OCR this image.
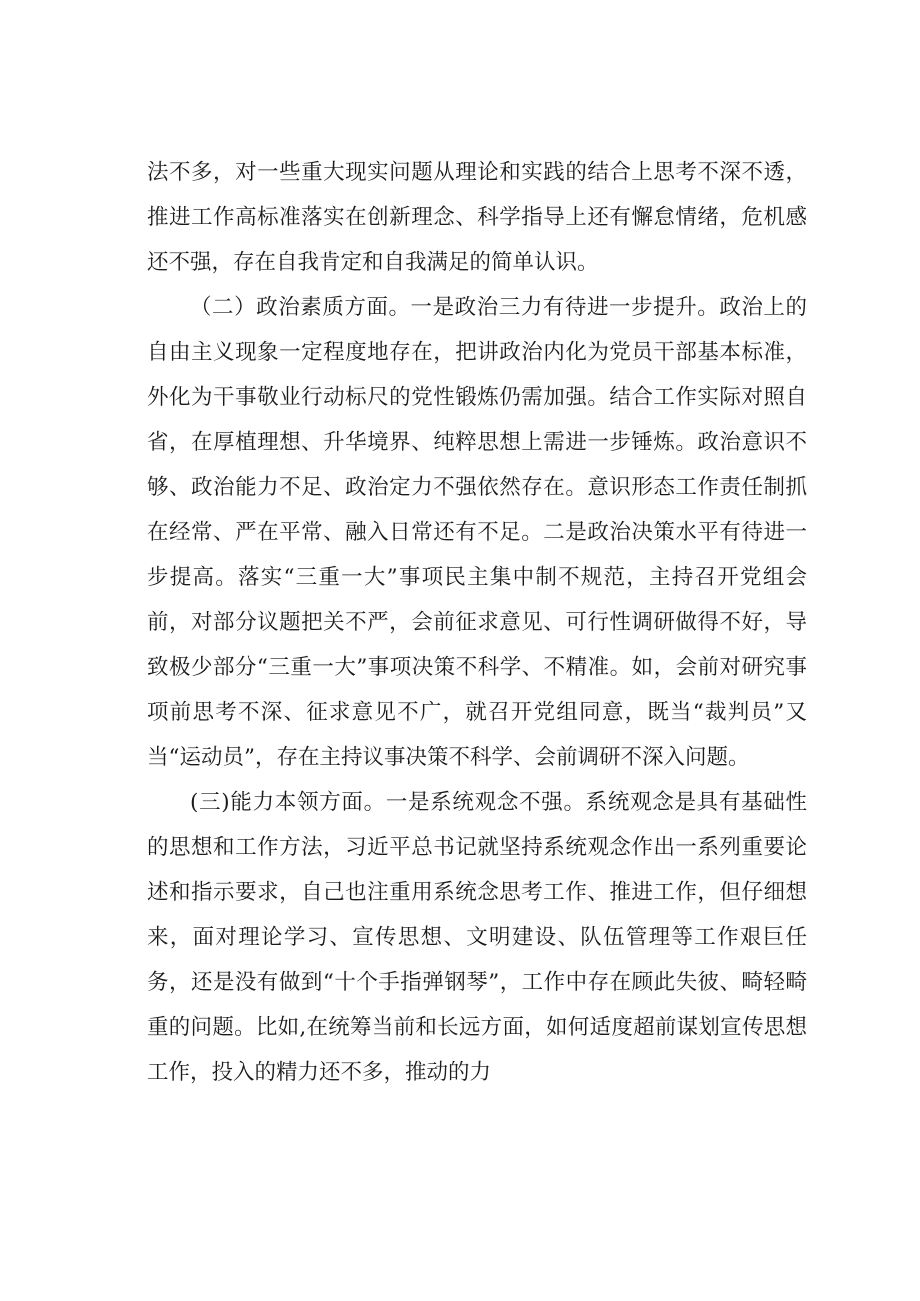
法不多，对一些重大现实问题从理论和实践的结合上思考不深不透，推进工作高标准落实在创新理念、科学指导上还有懈怠情绪，危机感还不强，存在自我肯定和自我满足的简单认识。

（二）政治素质方面。一是政治三力有待进一步提升。政治上的自由主义现象一定程度地存在，把讲政治内化为党员干部基本标准，外化为干事敬业行动标尺的党性锻炼仍需加强。结合工作实际对照自省，在厚植理想、升华境界、纯粹思想上需进一步锤炼。政治意识不够、政治能力不足、政治定力不强依然存在。意识形态工作责任制抓在经常、严在平常、融入日常还有不足。二是政治决策水平有待进一步提高。落实“三重一大”事项民主集中制不规范，主持召开党组会前，对部分议题把关不严，会前征求意见、可行性调研做得不好，导致极少部分“三重一大”事项决策不科学、不精准。如，会前对研究事项前思考不深、征求意见不广，就召开党组同意，既当“裁判员”又当“运动员”，存在主持议事决策不科学、会前调研不深入问题。

(三)能力本领方面。一是系统观念不强。系统观念是具有基础性的思想和工作方法，习近平总书记就坚持系统观念作出一系列重要论述和指示要求，自己也注重用系统念思考工作、推进工作，但仔细想来，面对理论学习、宣传思想、文明建设、队伍管理等工作艰巨任务，还是没有做到“十个手指弹钢琴”，工作中存在顾此失彼、畸轻畸重的问题。比如,在统筹当前和长远方面，如何适度超前谋划宣传思想工作，投入的精力还不多，推动的力
